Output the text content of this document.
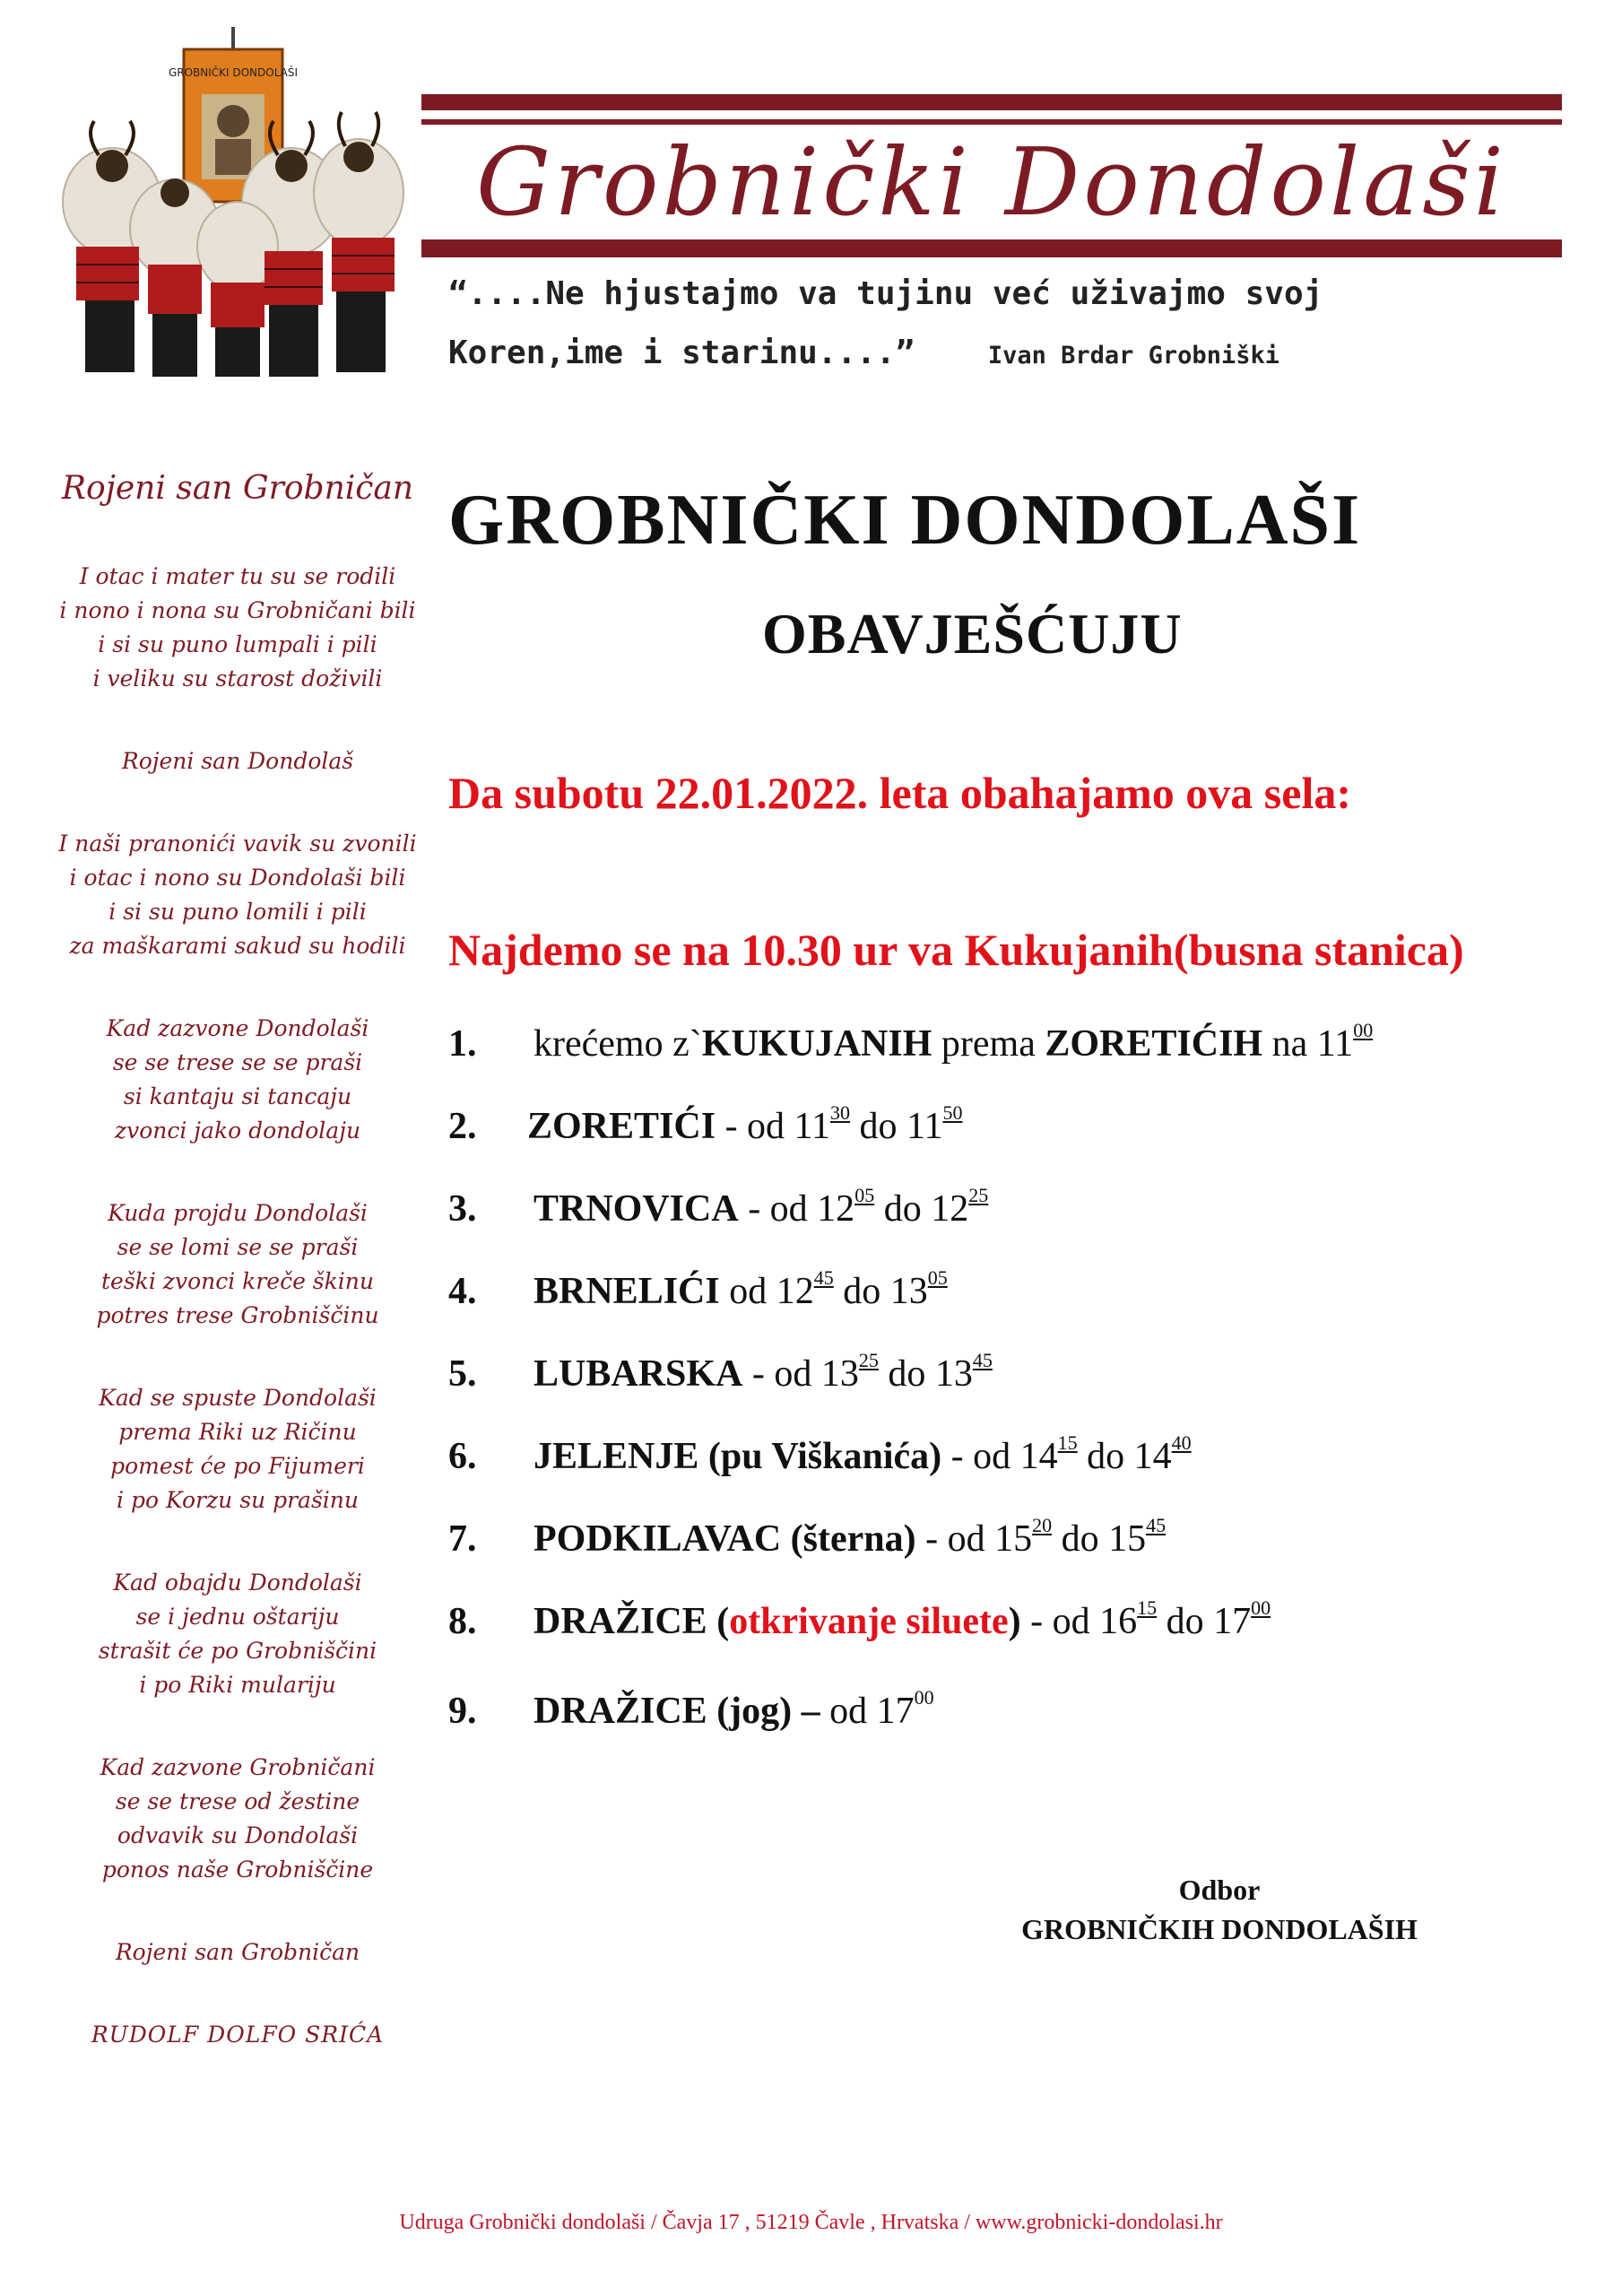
GROBNIČKI DONDOLAŠI
Grobnički Dondolaši
“....Ne hjustajmo va tujinu već uživajmo svoj
Koren,ime i starinu....”	Ivan Brdar Grobniški
Rojeni san Grobničan
I otac i mater tu su se rodili
i nono i nona su Grobničani bili
i si su puno lumpali i pili
i veliku su starost doživili
Rojeni san Dondolaš
I naši pranonići vavik su zvonili
i otac i nono su Dondolaši bili
i si su puno lomili i pili
za maškarami sakud su hodili
Kad zazvone Dondolaši
se se trese se se praši
si kantaju si tancaju
zvonci jako dondolaju
Kuda projdu Dondolaši
se se lomi se se praši
teški zvonci kreče škinu
potres trese Grobniščinu
Kad se spuste Dondolaši
prema Riki uz Ričinu
pomest će po Fijumeri
i po Korzu su prašinu
Kad obajdu Dondolaši
se i jednu oštariju
strašit će po Grobniščini
i po Riki mulariju
Kad zazvone Grobničani
se se trese od žestine
odvavik su Dondolaši
ponos naše Grobniščine
Rojeni san Grobničan
RUDOLF DOLFO SRIĆA
GROBNIČKI DONDOLAŠI
OBAVJEŠĆUJU
Da subotu 22.01.2022. leta obahajamo ova sela:
Najdemo se na 10.30 ur va Kukujanih(busna stanica)
1. krećemo z`KUKUJANIH prema ZORETIĆIH na $11^{00}$
2. ZORETIĆI - od $11^{30}$ do $11^{50}$
3. TRNOVICA - od $12^{05}$ do $12^{25}$
4. BRNELIĆI od $12^{45}$ do $13^{05}$
5. LUBARSKA - od $13^{25}$ do $13^{45}$
6. JELENJE (pu Viškanića) - od $14^{15}$ do $14^{40}$
7. PODKILAVAC (šterna) - od $15^{20}$ do $15^{45}$
8. DRAŽICE (otkrivanje siluete) - od $16^{15}$ do $17^{00}$
9. DRAŽICE (jog) – od $17^{00}$
Odbor
GROBNIČKIH DONDOLAŠIH
Udruga Grobnički dondolaši / Čavja 17 , 51219 Čavle , Hrvatska / www.grobnicki-dondolasi.hr
